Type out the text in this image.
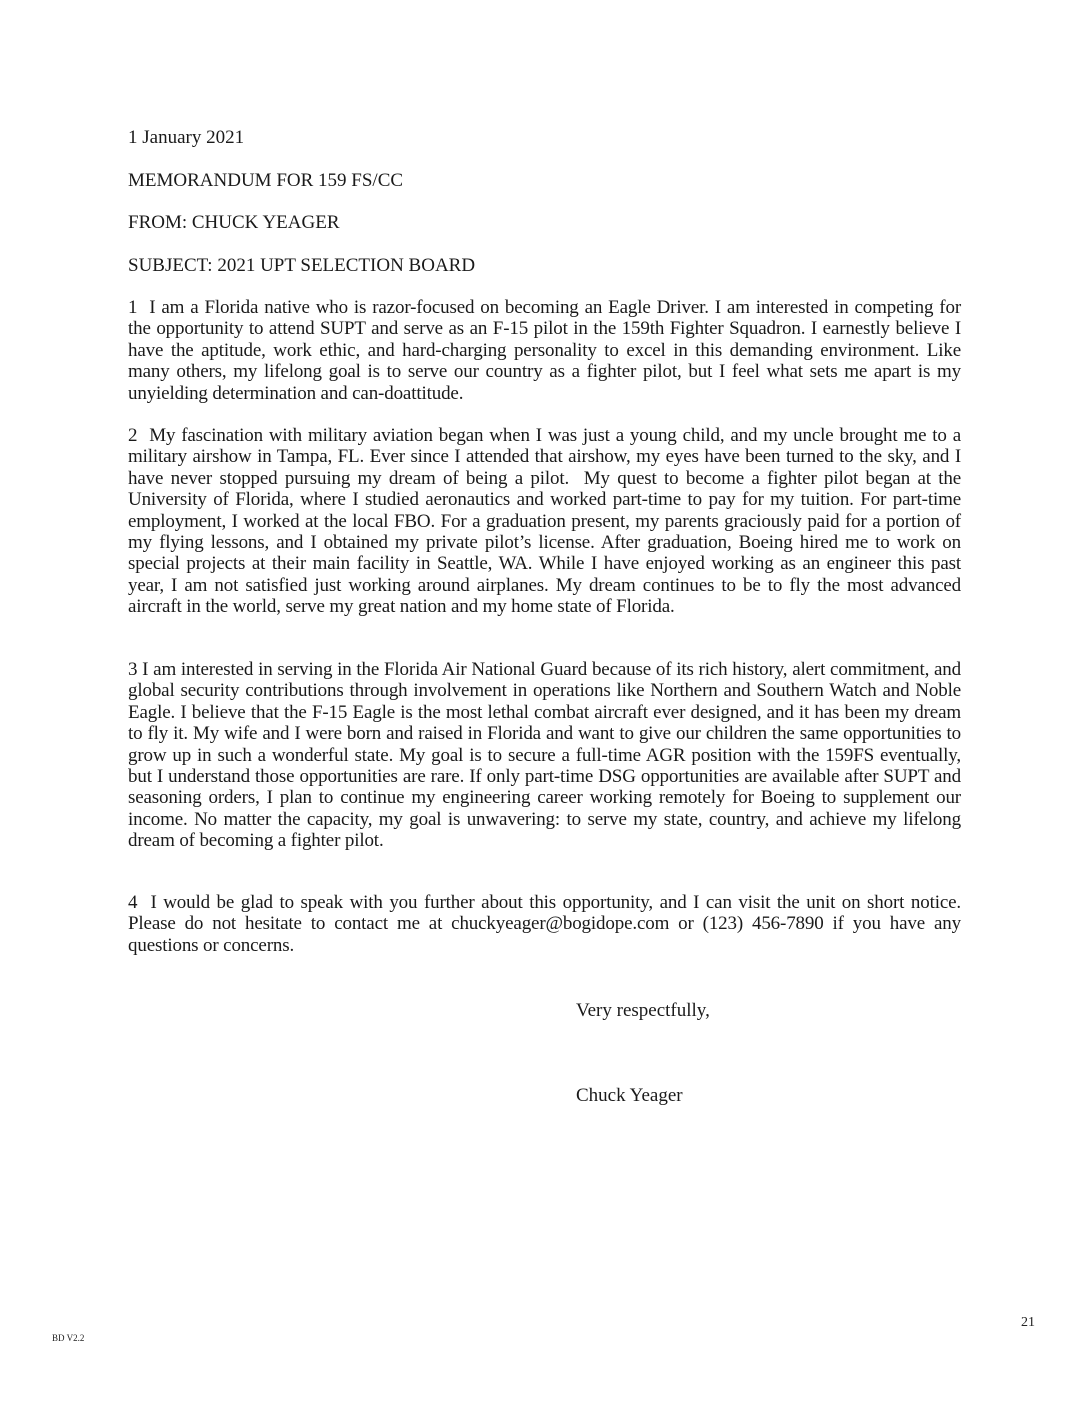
1 January 2021
MEMORANDUM FOR 159 FS/CC
FROM: CHUCK YEAGER
SUBJECT: 2021 UPT SELECTION BOARD
1  I am a Florida native who is razor-focused on becoming an Eagle Driver. I am interested in competing for the opportunity to attend SUPT and serve as an F-15 pilot in the 159th Fighter Squadron. I earnestly believe I have the aptitude, work ethic, and hard-charging personality to excel in this demanding environment. Like many others, my lifelong goal is to serve our country as a fighter pilot, but I feel what sets me apart is my unyielding determination and can-doattitude.
2  My fascination with military aviation began when I was just a young child, and my uncle brought me to a military airshow in Tampa, FL. Ever since I attended that airshow, my eyes have been turned to the sky, and I have never stopped pursuing my dream of being a pilot.  My quest to become a fighter pilot began at the University of Florida, where I studied aeronautics and worked part-time to pay for my tuition. For part-time employment, I worked at the local FBO. For a graduation present, my parents graciously paid for a portion of my flying lessons, and I obtained my private pilot’s license. After graduation, Boeing hired me to work on special projects at their main facility in Seattle, WA. While I have enjoyed working as an engineer this past year, I am not satisfied just working around airplanes. My dream continues to be to fly the most advanced aircraft in the world, serve my great nation and my home state of Florida.
3 I am interested in serving in the Florida Air National Guard because of its rich history, alert commitment, and global security contributions through involvement in operations like Northern and Southern Watch and Noble Eagle. I believe that the F-15 Eagle is the most lethal combat aircraft ever designed, and it has been my dream to fly it. My wife and I were born and raised in Florida and want to give our children the same opportunities to grow up in such a wonderful state. My goal is to secure a full-time AGR position with the 159FS eventually, but I understand those opportunities are rare. If only part-time DSG opportunities are available after SUPT and seasoning orders, I plan to continue my engineering career working remotely for Boeing to supplement our income. No matter the capacity, my goal is unwavering: to serve my state, country, and achieve my lifelong dream of becoming a fighter pilot.
4  I would be glad to speak with you further about this opportunity, and I can visit the unit on short notice. Please do not hesitate to contact me at chuckyeager@bogidope.com or (123) 456-7890 if you have any questions or concerns.
Very respectfully,
Chuck Yeager
BD V2.2
21
